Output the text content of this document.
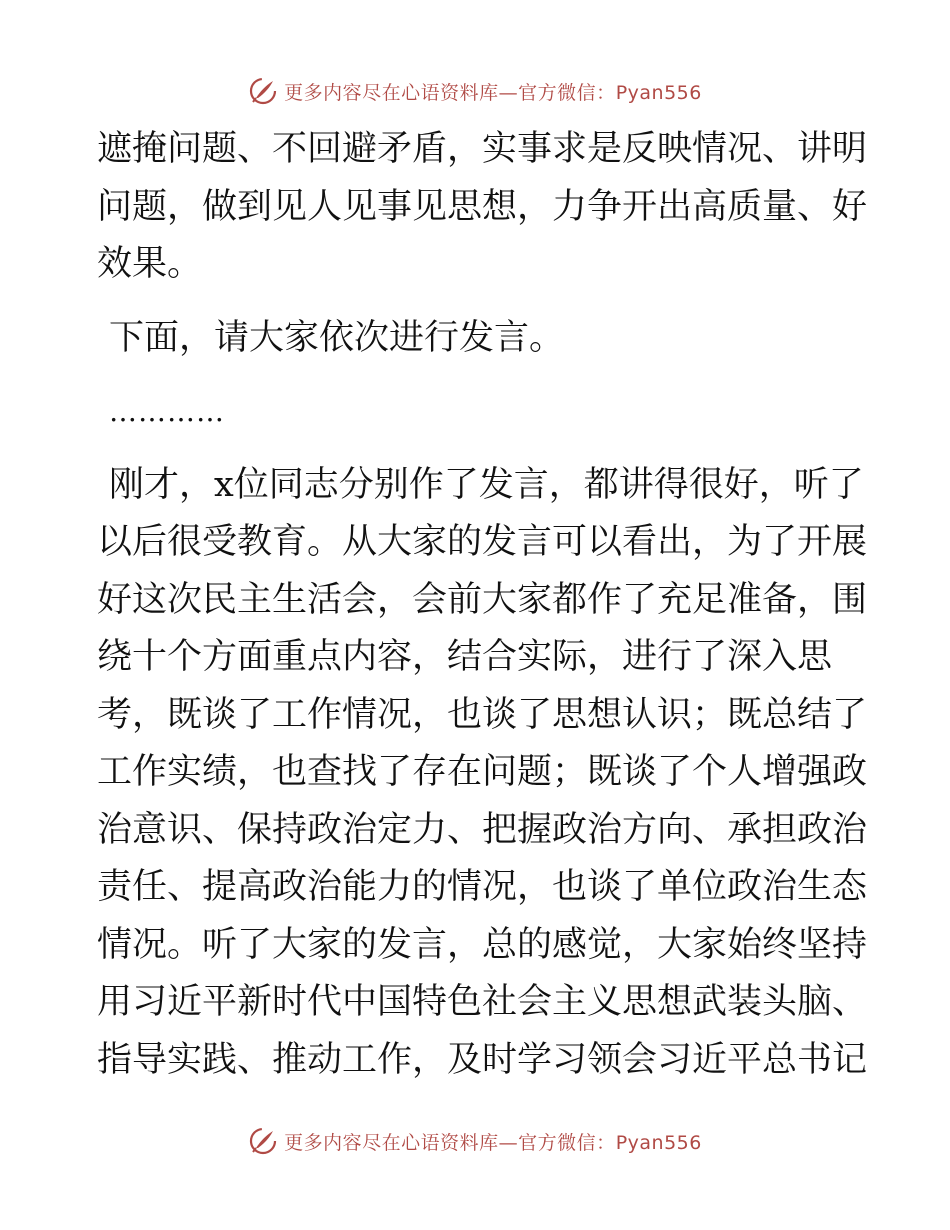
更多内容尽在心语资料库—官方微信：Pyan556
遮掩问题、不回避矛盾，实事求是反映情况、讲明
问题，做到见人见事见思想，力争开出高质量、好
效果。
下面，请大家依次进行发言。
…………
刚才，x位同志分别作了发言，都讲得很好，听了
以后很受教育。从大家的发言可以看出，为了开展
好这次民主生活会，会前大家都作了充足准备，围
绕十个方面重点内容，结合实际，进行了深入思
考，既谈了工作情况，也谈了思想认识；既总结了
工作实绩，也查找了存在问题；既谈了个人增强政
治意识、保持政治定力、把握政治方向、承担政治
责任、提高政治能力的情况，也谈了单位政治生态
情况。听了大家的发言，总的感觉，大家始终坚持
用习近平新时代中国特色社会主义思想武装头脑、
指导实践、推动工作，及时学习领会习近平总书记
更多内容尽在心语资料库—官方微信：Pyan556
